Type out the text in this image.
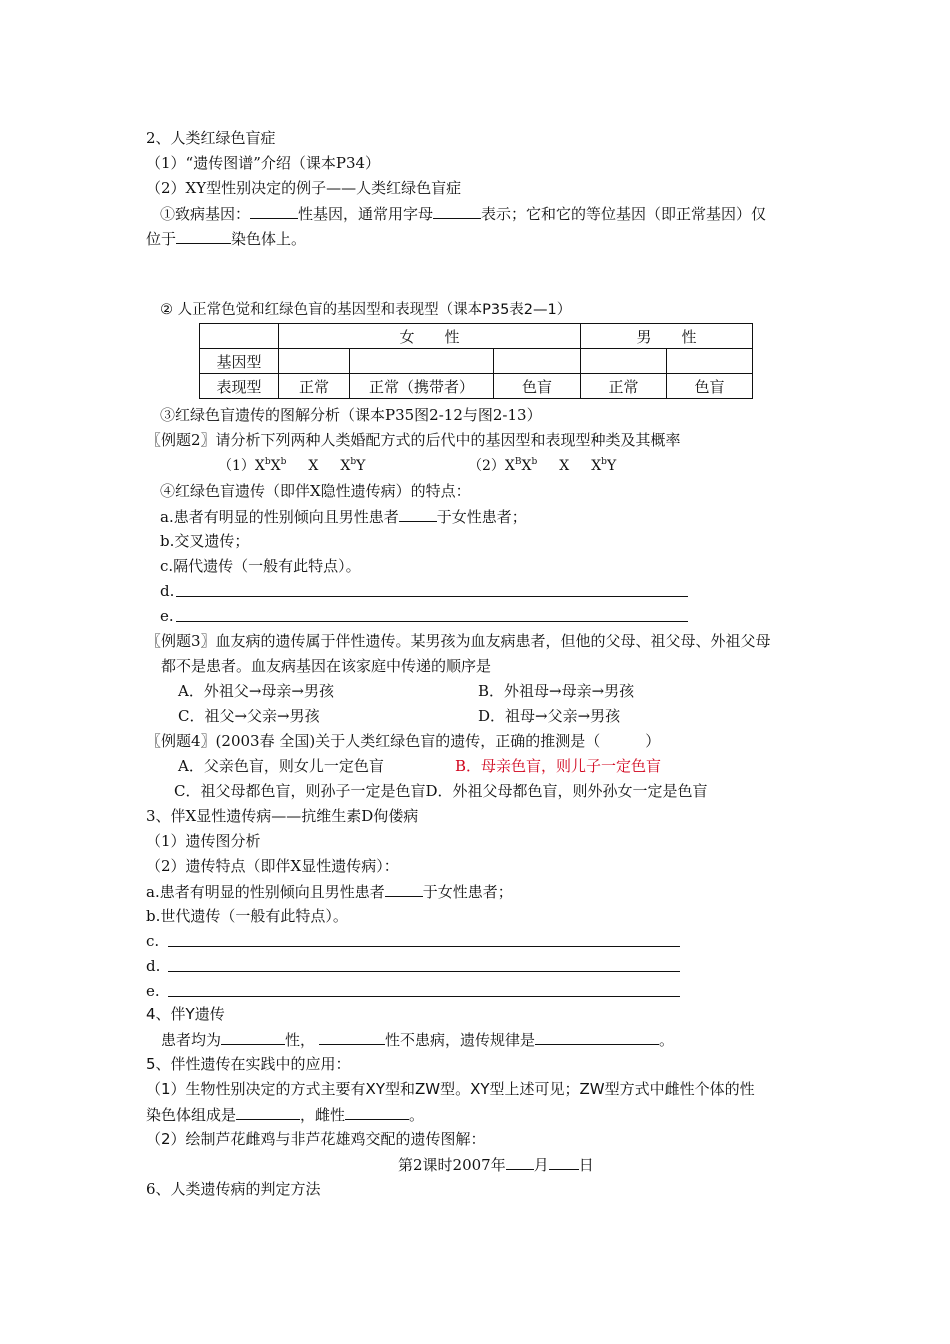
2、人类红绿色盲症
（1）“遗传图谱”介绍（课本P34）
（2）XY型性别决定的例子——人类红绿色盲症
①致病基因：	性基因，通常用字母	表示；它和它的等位基因（即正常基因）仅
位于	染色体上。
② 人正常色觉和红绿色盲的基因型和表现型（课本P35表2—1）
	女　　性			男　　性	
基因型					
表现型	正常	正常（携带者）	色盲	正常	色盲
③红绿色盲遗传的图解分析（课本P35图2-12与图2-13）
〖例题2〗请分析下列两种人类婚配方式的后代中的基因型和表现型种类及其概率
$(1)X^bX^b$ X $X^bY$	$(2)X^BX^b$ X $X^bY$
④红绿色盲遗传（即伴X隐性遗传病）的特点：
a.患者有明显的性别倾向且男性患者	于女性患者；
b.交叉遗传；
c.隔代遗传（一般有此特点）。
d.
e.
〖例题3〗血友病的遗传属于伴性遗传。某男孩为血友病患者，但他的父母、祖父母、外祖父母
都不是患者。血友病基因在该家庭中传递的顺序是
A．外祖父→母亲→男孩	B．外祖母→母亲→男孩
C．祖父→父亲→男孩	D．祖母→父亲→男孩
〖例题4〗(2003春 全国)关于人类红绿色盲的遗传，正确的推测是（　　　）
A．父亲色盲，则女儿一定色盲	B．母亲色盲，则儿子一定色盲
C．祖父母都色盲，则孙子一定是色盲D．外祖父母都色盲，则外孙女一定是色盲
3、伴X显性遗传病——抗维生素D佝偻病
（1）遗传图分析
（2）遗传特点（即伴X显性遗传病）：
a.患者有明显的性别倾向且男性患者	于女性患者；
b.世代遗传（一般有此特点）。
c.
d.
e.
4、伴Y遗传
患者均为	性，	性不患病，遗传规律是	。
5、伴性遗传在实践中的应用：
（1）生物性别决定的方式主要有XY型和ZW型。XY型上述可见；ZW型方式中雌性个体的性
染色体组成是	，雌性	。
（2）绘制芦花雌鸡与非芦花雄鸡交配的遗传图解：
第2课时2007年 月 日
6、人类遗传病的判定方法
